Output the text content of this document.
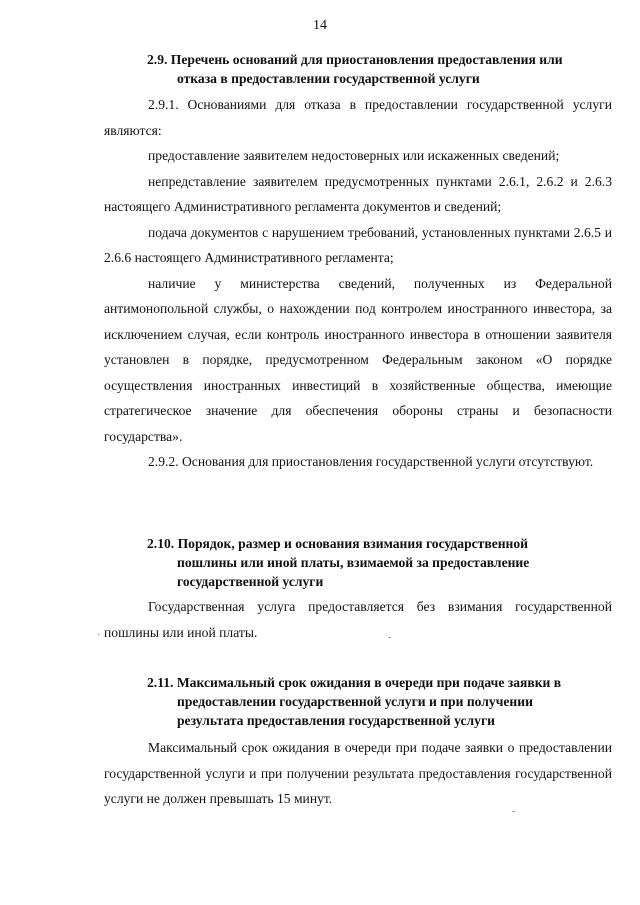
14
2.9. Перечень оснований для приостановления предоставления или
отказа в предоставлении государственной услуги

2.9.1. Основаниями для отказа в предоставлении государственной услуги являются:

предоставление заявителем недостоверных или искаженных сведений;

непредставление заявителем предусмотренных пунктами 2.6.1, 2.6.2 и 2.6.3 настоящего Административного регламента документов и сведений;

подача документов с нарушением требований, установленных пунктами 2.6.5 и 2.6.6 настоящего Административного регламента;

наличие у министерства сведений, полученных из Федеральной антимонопольной службы, о нахождении под контролем иностранного инвестора, за исключением случая, если контроль иностранного инвестора в отношении заявителя установлен в порядке, предусмотренном Федеральным законом «О порядке осуществления иностранных инвестиций в хозяйственные общества, имеющие стратегическое значение для обеспечения обороны страны и безопасности государства».

2.9.2. Основания для приостановления государственной услуги отсутствуют.

2.10. Порядок, размер и основания взимания государственной
пошлины или иной платы, взимаемой за предоставление
государственной услуги

Государственная услуга предоставляется без взимания государственной пошлины или иной платы.

2.11. Максимальный срок ожидания в очереди при подаче заявки в
предоставлении государственной услуги и при получении
результата предоставления государственной услуги

Максимальный срок ожидания в очереди при подаче заявки о предоставлении государственной услуги и при получении результата предоставления государственной услуги не должен превышать 15 минут.

·	-
-
